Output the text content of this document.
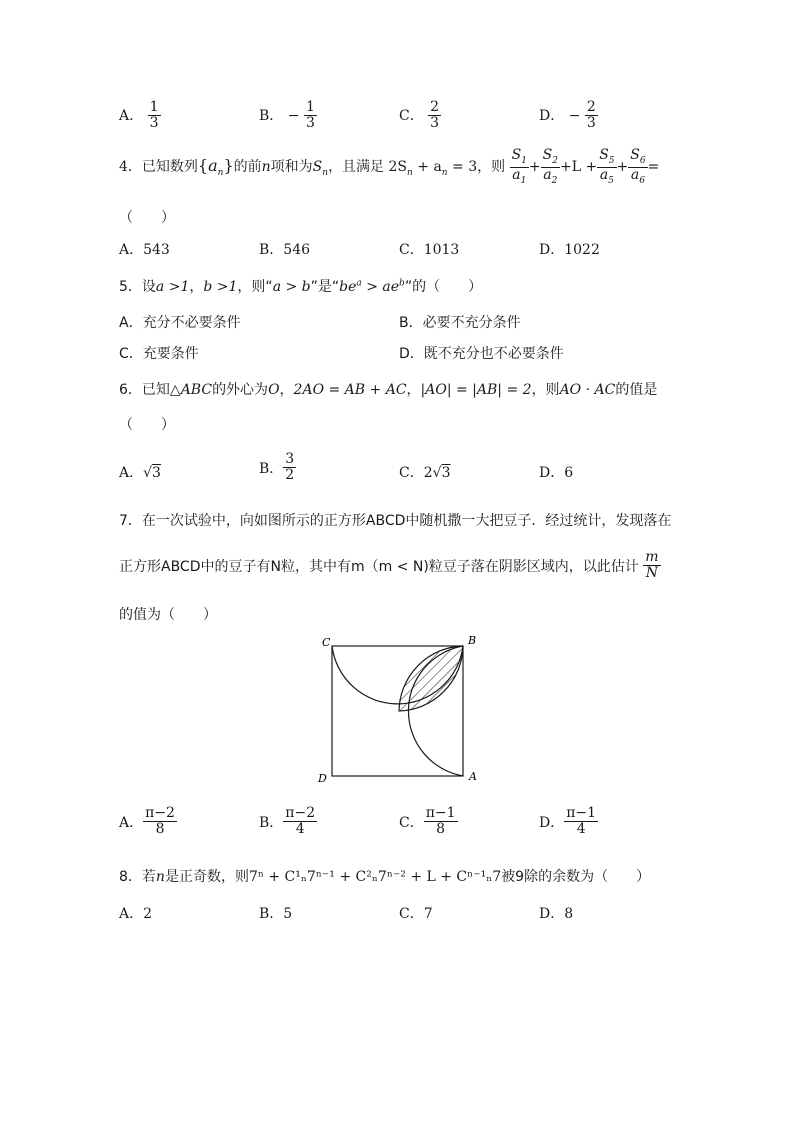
A． $\frac{1}{3}$	B． − $\frac{1}{3}$	C． $\frac{2}{3}$	D． − $\frac{2}{3}$
4．已知数列$\{a_n\}$的前n项和为$S_n$，且满足 $2S_n + a_n = 3$，则 $\frac{S_1}{a_1} + \frac{S_2}{a_2} +L + \frac{S_5}{a_5} + \frac{S_6}{a_6}$ =
（　　）
A．543	B．546	C．1013	D．1022
5．设a >1，b >1，则“a > b”是“$be^a > ae^b$”的（　　）
A．充分不必要条件	B．必要不充分条件
C．充要条件	D．既不充分也不必要条件
6．已知△ABC的外心为O，2AO = AB + AC，|AO| = |AB| = 2，则AO · AC的值是
（　　）
A．√3	B． $\frac{3}{2}$	C．2√3	D．6
7．在一次试验中，向如图所示的正方形ABCD中随机撒一大把豆子．经过统计，发现落在
正方形ABCD中的豆子有N粒，其中有m（m < N)粒豆子落在阴影区域内，以此估计 $\frac{m}{N}$
的值为（　　）
C	B
D	A
A． $\frac{\pi-2}{8}$	B． $\frac{\pi-2}{4}$	C． $\frac{\pi-1}{8}$	D． $\frac{\pi-1}{4}$
8．若n是正奇数，则7ⁿ + C¹ₙ7ⁿ⁻¹ + C²ₙ7ⁿ⁻² + L + Cⁿ⁻¹ₙ7被9除的余数为（　　）
A．2	B．5	C．7	D．8
